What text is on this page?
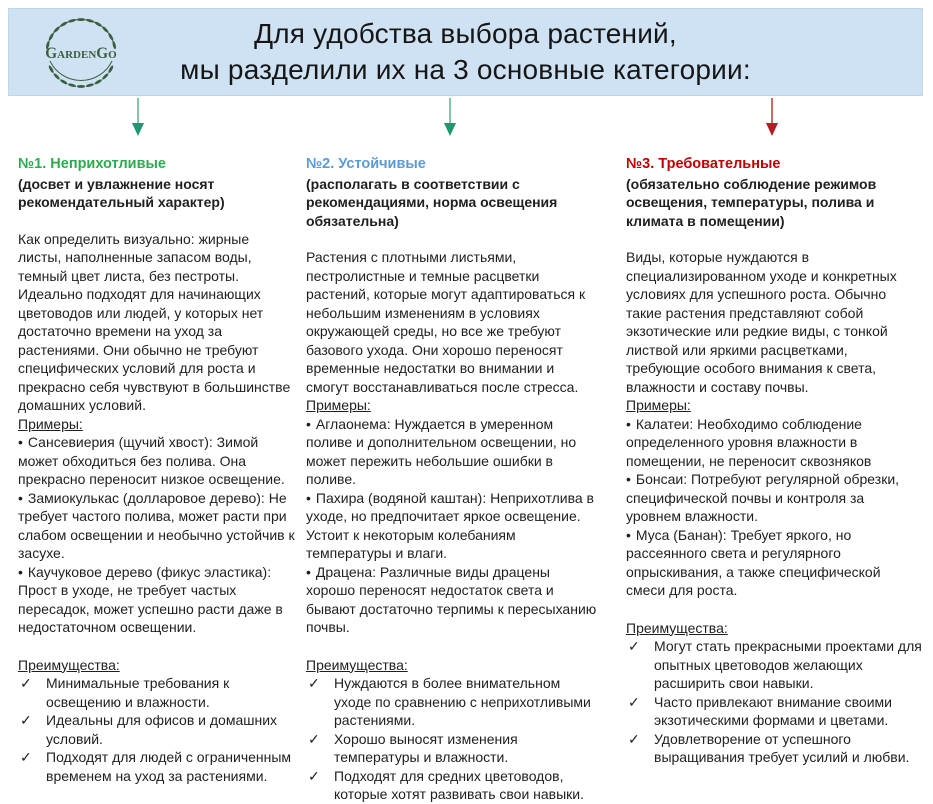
GardenGo
Для удобства выбора растений,
мы разделили их на 3 основные категории:

№1. Неприхотливые

(досвет и увлажнение носят рекомендательный характер)

Как определить визуально: жирные листы, наполненные запасом воды, темный цвет листа, без пестроты. Идеально подходят для начинающих цветоводов или людей, у которых нет достаточно времени на уход за растениями. Они обычно не требуют специфических условий для роста и прекрасно себя чувствуют в большинстве домашних условий.

Примеры:

• Сансевиерия (щучий хвост): Зимой может обходиться без полива. Она прекрасно переносит низкое освещение.

• Замиокулькас (долларовое дерево): Не требует частого полива, может расти при слабом освещении и необычно устойчив к засухе.

• Каучуковое дерево (фикус эластика): Прост в уходе, не требует частых пересадок, может успешно расти даже в недостаточном освещении.

Преимущества:

✓	Минимальные требования к освещению и влажности.
✓	Идеальны для офисов и домашних условий.
✓	Подходят для людей с ограниченным временем на уход за растениями.

№2. Устойчивые

(располагать в соответствии с рекомендациями, норма освещения обязательна)

Растения с плотными листьями, пестролистные и темные расцветки растений, которые могут адаптироваться к небольшим изменениям в условиях окружающей среды, но все же требуют базового ухода. Они хорошо переносят временные недостатки во внимании и смогут восстанавливаться после стресса.

Примеры:

• Аглаонема: Нуждается в умеренном поливе и дополнительном освещении, но может пережить небольшие ошибки в поливе.

• Пахира (водяной каштан): Неприхотлива в уходе, но предпочитает яркое освещение. Устоит к некоторым колебаниям температуры и влаги.

• Драцена: Различные виды драцены хорошо переносят недостаток света и бывают достаточно терпимы к пересыханию почвы.

Преимущества:

✓	Нуждаются в более внимательном уходе по сравнению с неприхотливыми растениями.
✓	Хорошо выносят изменения температуры и влажности.
✓	Подходят для средних цветоводов, которые хотят развивать свои навыки.

№3. Требовательные

(обязательно соблюдение режимов освещения, температуры, полива и климата в помещении)

Виды, которые нуждаются в специализированном уходе и конкретных условиях для успешного роста. Обычно такие растения представляют собой экзотические или редкие виды, с тонкой листвой или яркими расцветками, требующие особого внимания к света, влажности и составу почвы.

Примеры:

• Калатеи: Необходимо соблюдение определенного уровня влажности в помещении, не переносит сквозняков

• Бонсаи: Потребуют регулярной обрезки, специфической почвы и контроля за уровнем влажности.

• Муса (Банан): Требует яркого, но рассеянного света и регулярного опрыскивания, а также специфической смеси для роста.

Преимущества:

✓	Могут стать прекрасными проектами для опытных цветоводов желающих расширить свои навыки.
✓	Часто привлекают внимание своими экзотическими формами и цветами.
✓	Удовлетворение от успешного выращивания требует усилий и любви.
